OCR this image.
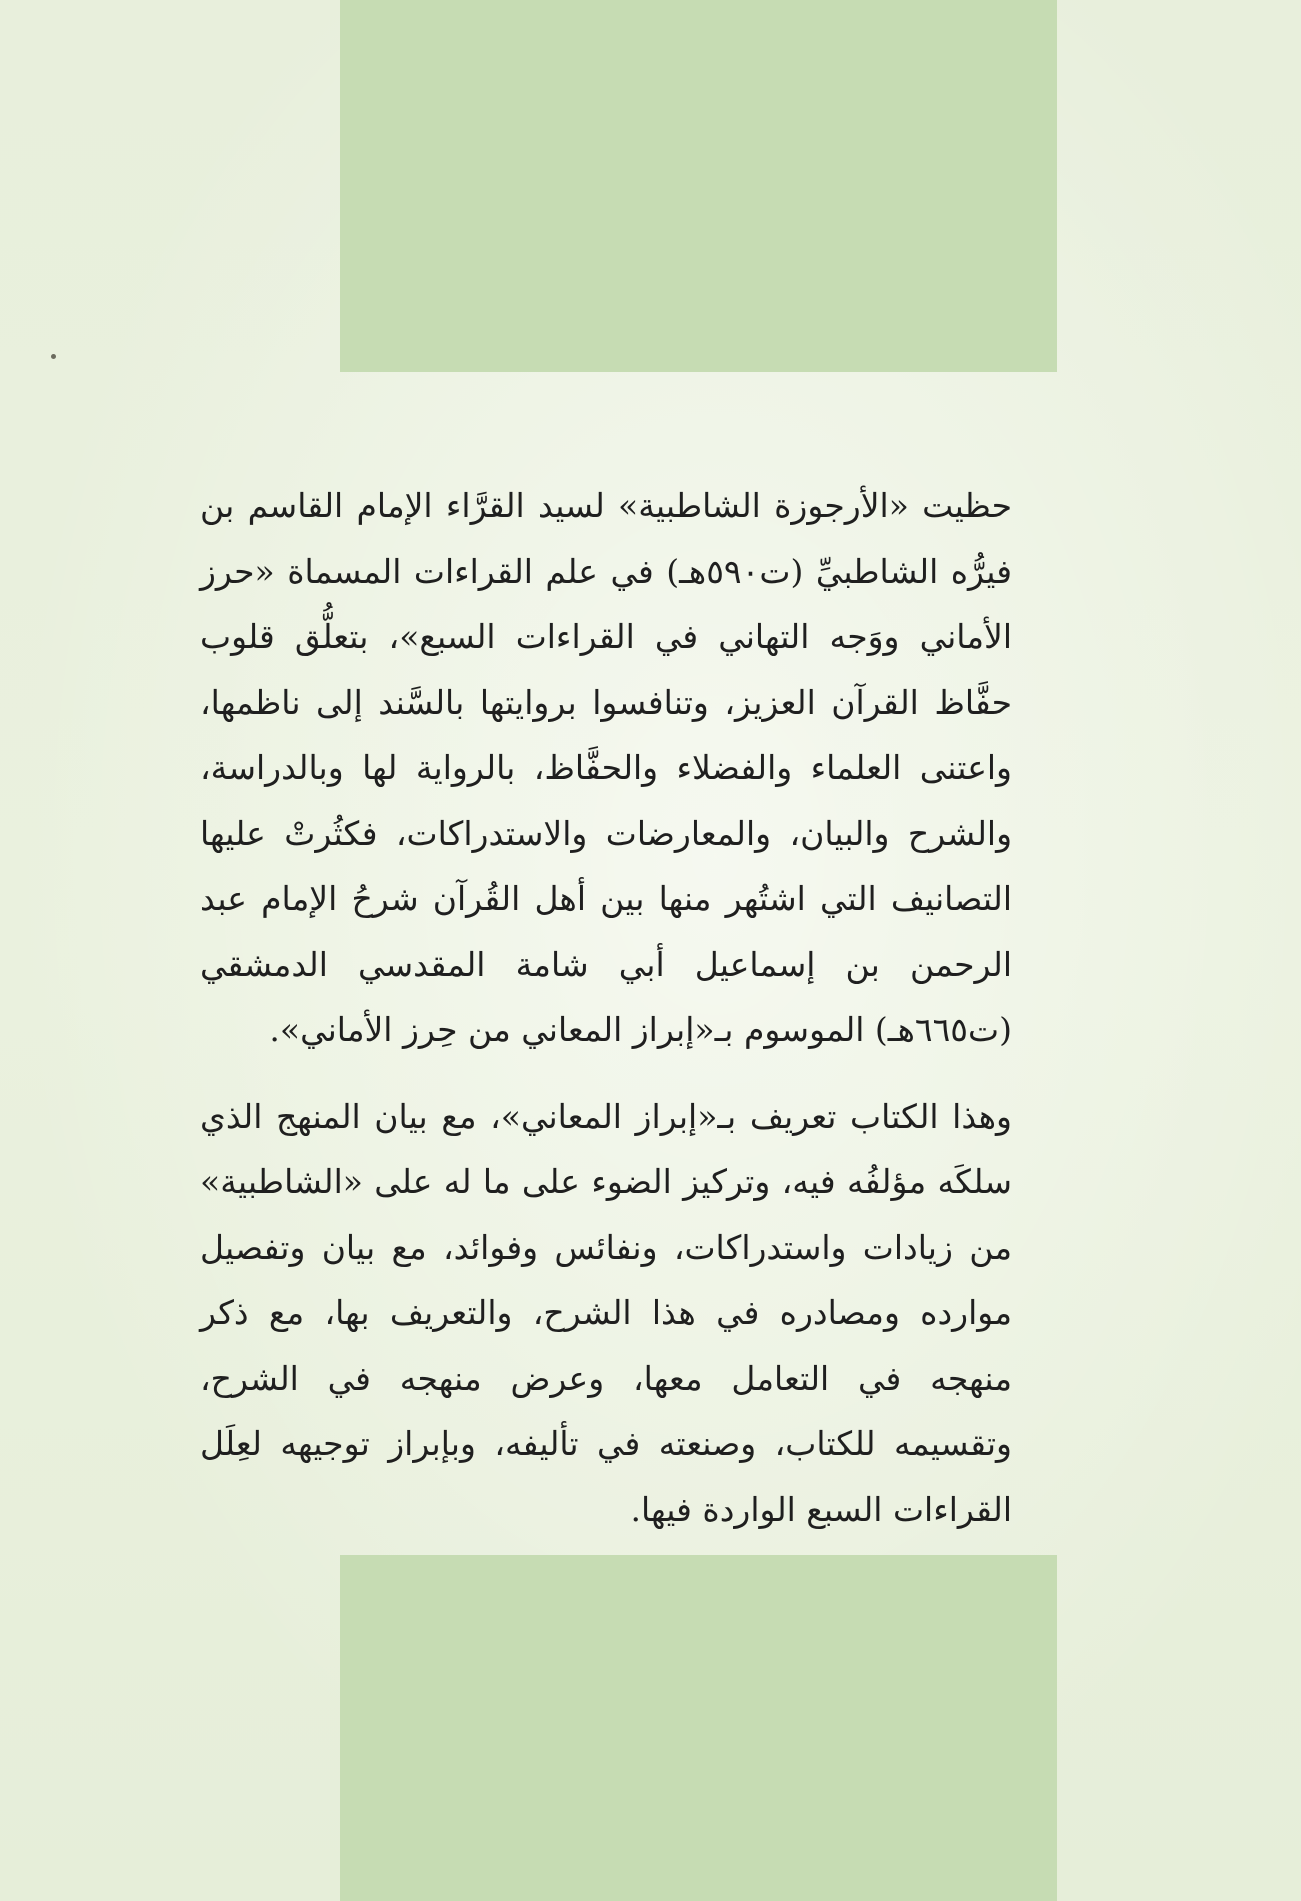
حظيت «الأرجوزة الشاطبية» لسيد القرَّاء الإمام القاسم بن فيرُّه الشاطبيِّ (ت٥٩٠هـ) في علم القراءات المسماة «حرز الأماني ووَجه التهاني في القراءات السبع»، بتعلُّق قلوب حفَّاظ القرآن العزيز، وتنافسوا بروايتها بالسَّند إلى ناظمها، واعتنى العلماء والفضلاء والحفَّاظ، بالرواية لها وبالدراسة، والشرح والبيان، والمعارضات والاستدراكات، فكثُرتْ عليها التصانيف التي اشتُهر منها بين أهل القُرآن شرحُ الإمام عبد الرحمن بن إسماعيل أبي شامة المقدسي الدمشقي (ت٦٦٥هـ) الموسوم بـ«إبراز المعاني من حِرز الأماني».

وهذا الكتاب تعريف بـ«إبراز المعاني»، مع بيان المنهج الذي سلكَه مؤلفُه فيه، وتركيز الضوء على ما له على «الشاطبية» من زيادات واستدراكات، ونفائس وفوائد، مع بيان وتفصيل موارده ومصادره في هذا الشرح، والتعريف بها، مع ذكر منهجه في التعامل معها، وعرض منهجه في الشرح، وتقسيمه للكتاب، وصنعته في تأليفه، وبإبراز توجيهه لعِلَل القراءات السبع الواردة فيها.
